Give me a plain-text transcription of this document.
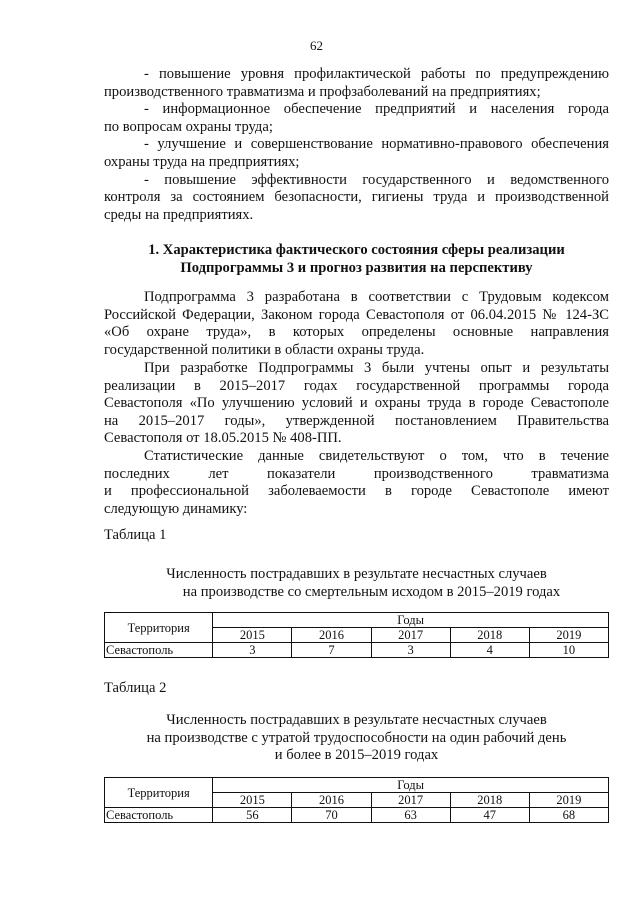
62
- повышение уровня профилактической работы по предупреждению
производственного травматизма и профзаболеваний на предприятиях;
- информационное обеспечение предприятий и населения города
по вопросам охраны труда;
- улучшение и совершенствование нормативно-правового обеспечения
охраны труда на предприятиях;
- повышение эффективности государственного и ведомственного
контроля за состоянием безопасности, гигиены труда и производственной
среды на предприятиях.
1. Характеристика фактического состояния сферы реализации
Подпрограммы 3 и прогноз развития на перспективу
Подпрограмма 3 разработана в соответствии с Трудовым кодексом
Российской Федерации, Законом города Севастополя от 06.04.2015 № 124-ЗС
«Об охране труда», в которых определены основные направления
государственной политики в области охраны труда.
При разработке Подпрограммы 3 были учтены опыт и результаты
реализации в 2015–2017 годах государственной программы города
Севастополя «По улучшению условий и охраны труда в городе Севастополе
на 2015–2017 годы», утвержденной постановлением Правительства
Севастополя от 18.05.2015 № 408-ПП.
Статистические данные свидетельствуют о том, что в течение
последних лет показатели производственного травматизма
и профессиональной заболеваемости в городе Севастополе имеют
следующую динамику:
Таблица 1
Численность пострадавших в результате несчастных случаев
на производстве со смертельным исходом в 2015–2019 годах
Территория	Годы				
	2015	2016	2017	2018	2019
Севастополь	3	7	3	4	10
Таблица 2
Численность пострадавших в результате несчастных случаев
на производстве с утратой трудоспособности на один рабочий день
и более в 2015–2019 годах
Территория	Годы				
	2015	2016	2017	2018	2019
Севастополь	56	70	63	47	68
